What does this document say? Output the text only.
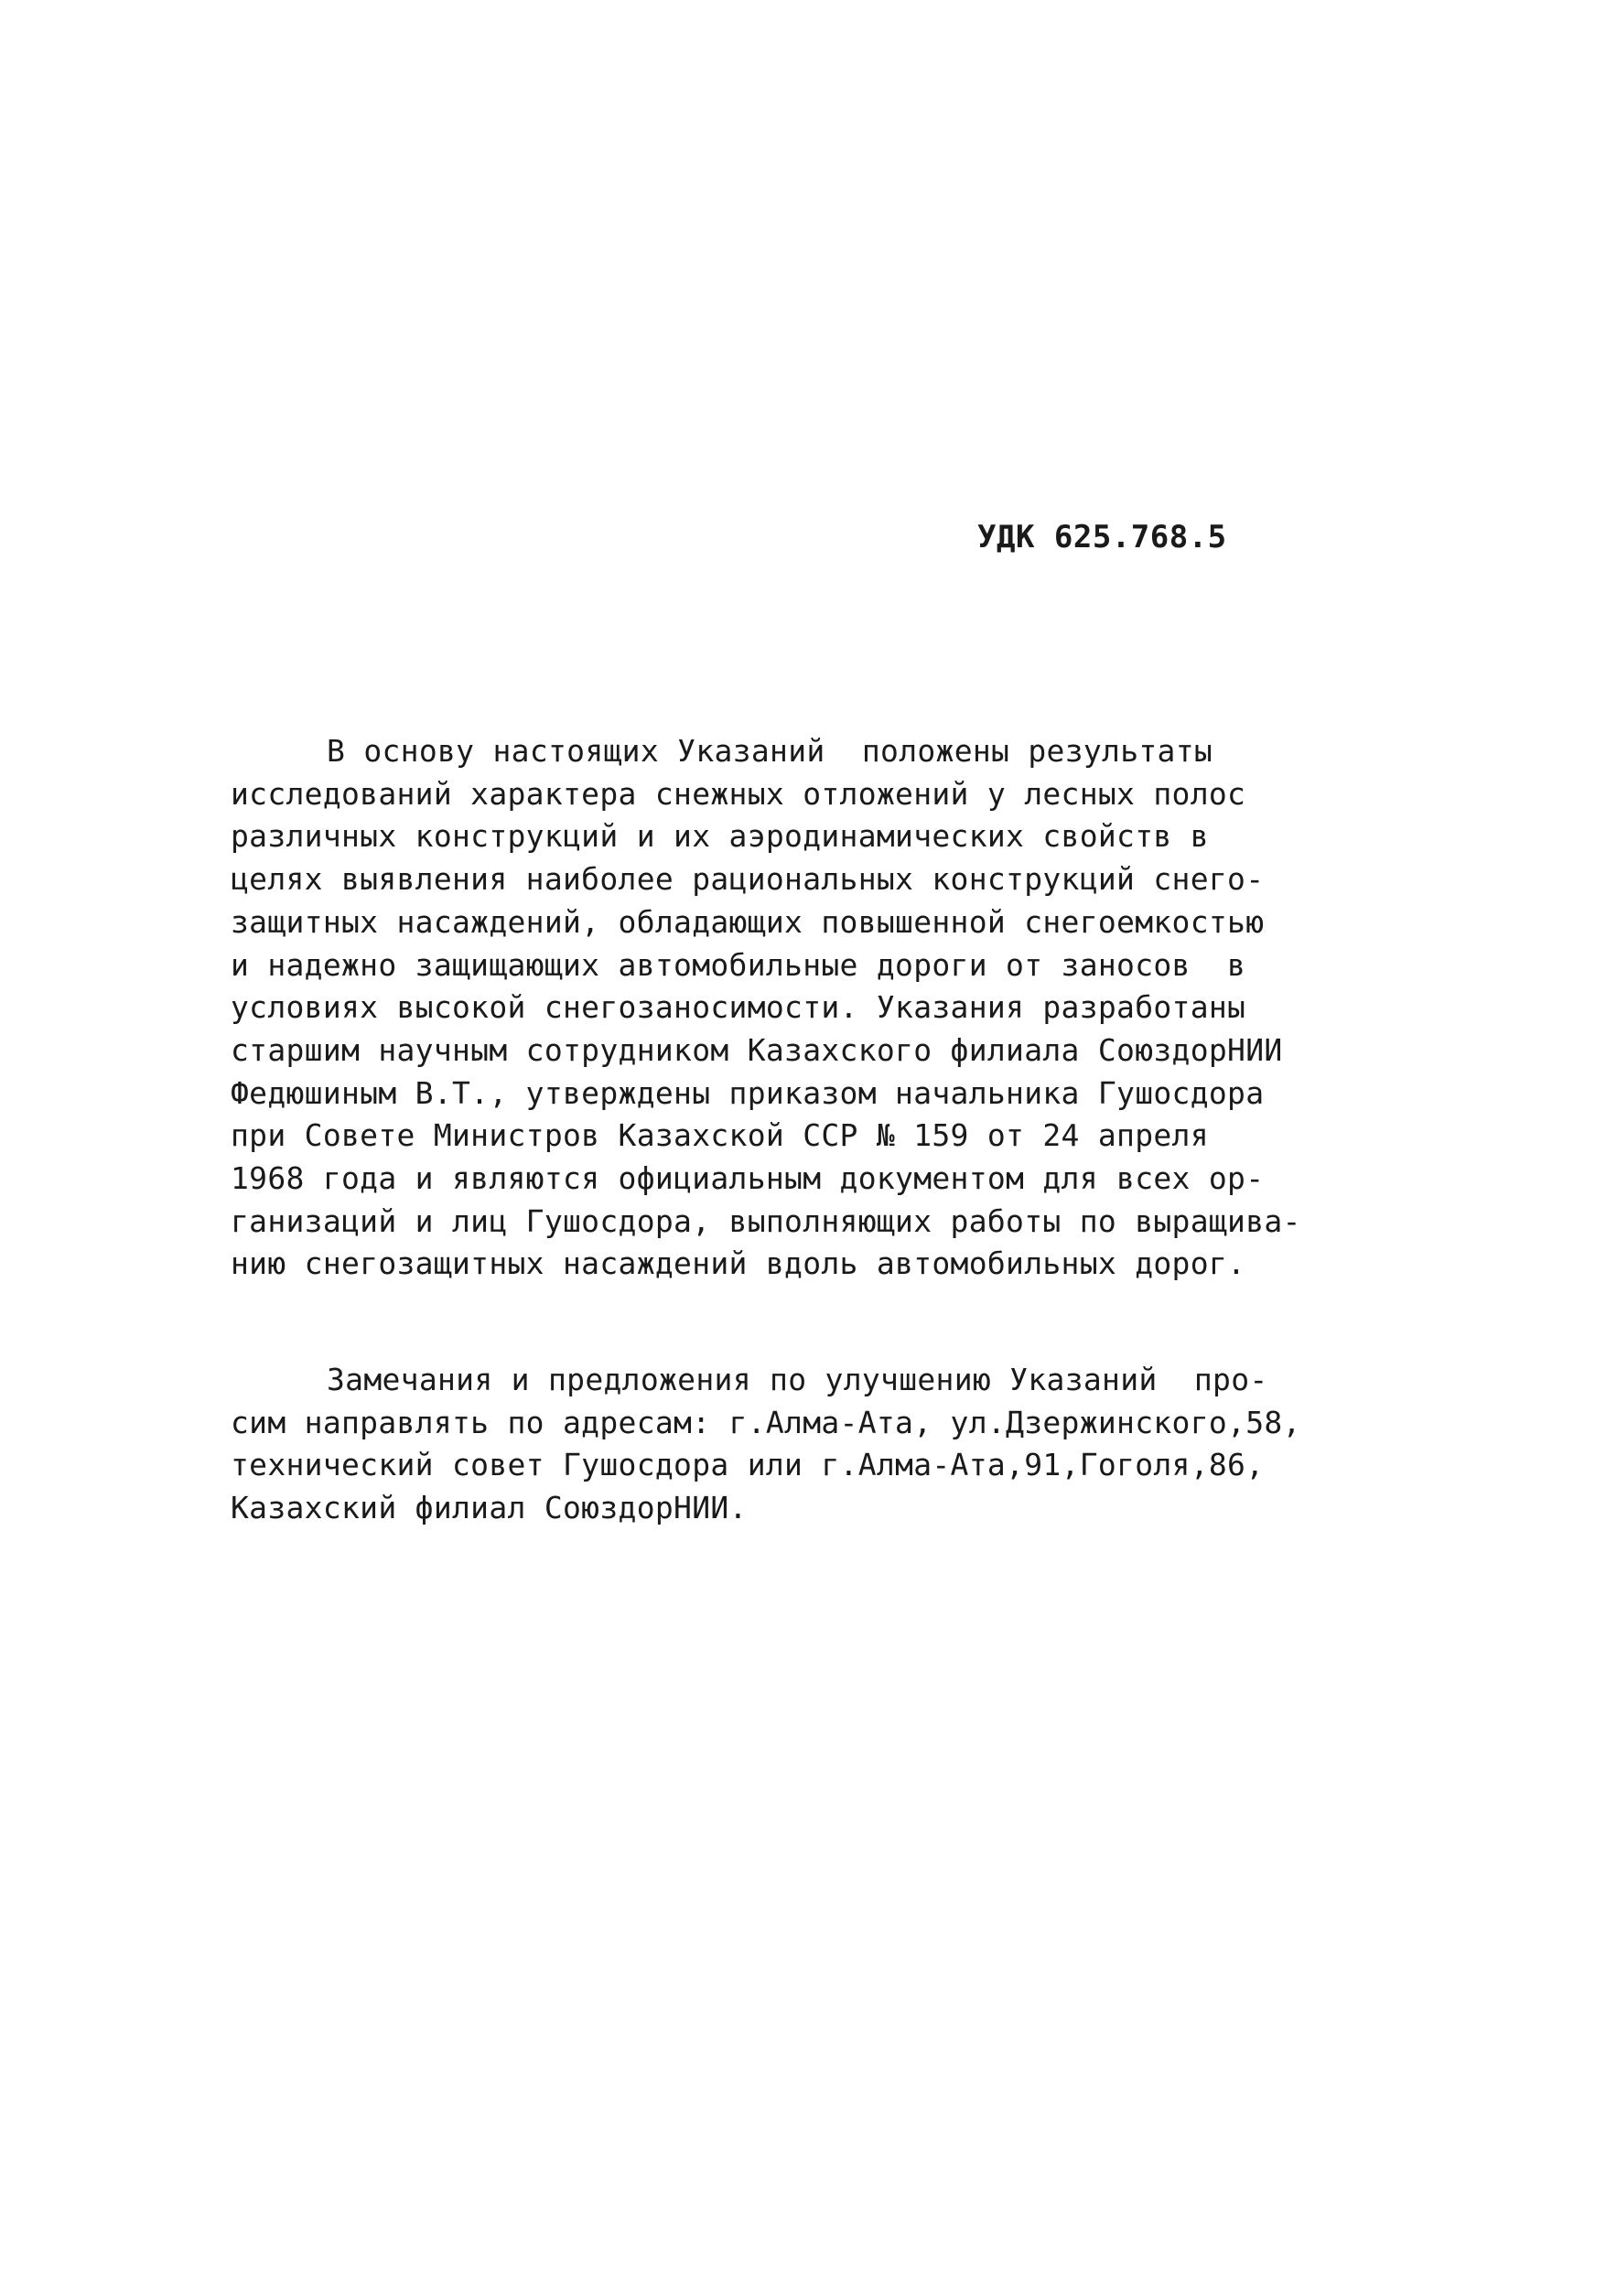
УДК 625.768.5
В основу настоящих Указаний  положены результаты
исследований характера снежных отложений у лесных полос
различных конструкций и их аэродинамических свойств в
целях выявления наиболее рациональных конструкций снего-
защитных насаждений, обладающих повышенной снегоемкостью
и надежно защищающих автомобильные дороги от заносов  в
условиях высокой снегозаносимости. Указания разработаны
старшим научным сотрудником Казахского филиала СоюздорНИИ
Федюшиным В.Т., утверждены приказом начальника Гушосдора
при Совете Министров Казахской ССР № 159 от 24 апреля
1968 года и являются официальным документом для всех ор-
ганизаций и лиц Гушосдора, выполняющих работы по выращива-
нию снегозащитных насаждений вдоль автомобильных дорог.
Замечания и предложения по улучшению Указаний  про-
сим направлять по адресам: г.Алма-Ата, ул.Дзержинского,58,
технический совет Гушосдора или г.Алма-Ата,91,Гоголя,86,
Казахский филиал СоюздорНИИ.
